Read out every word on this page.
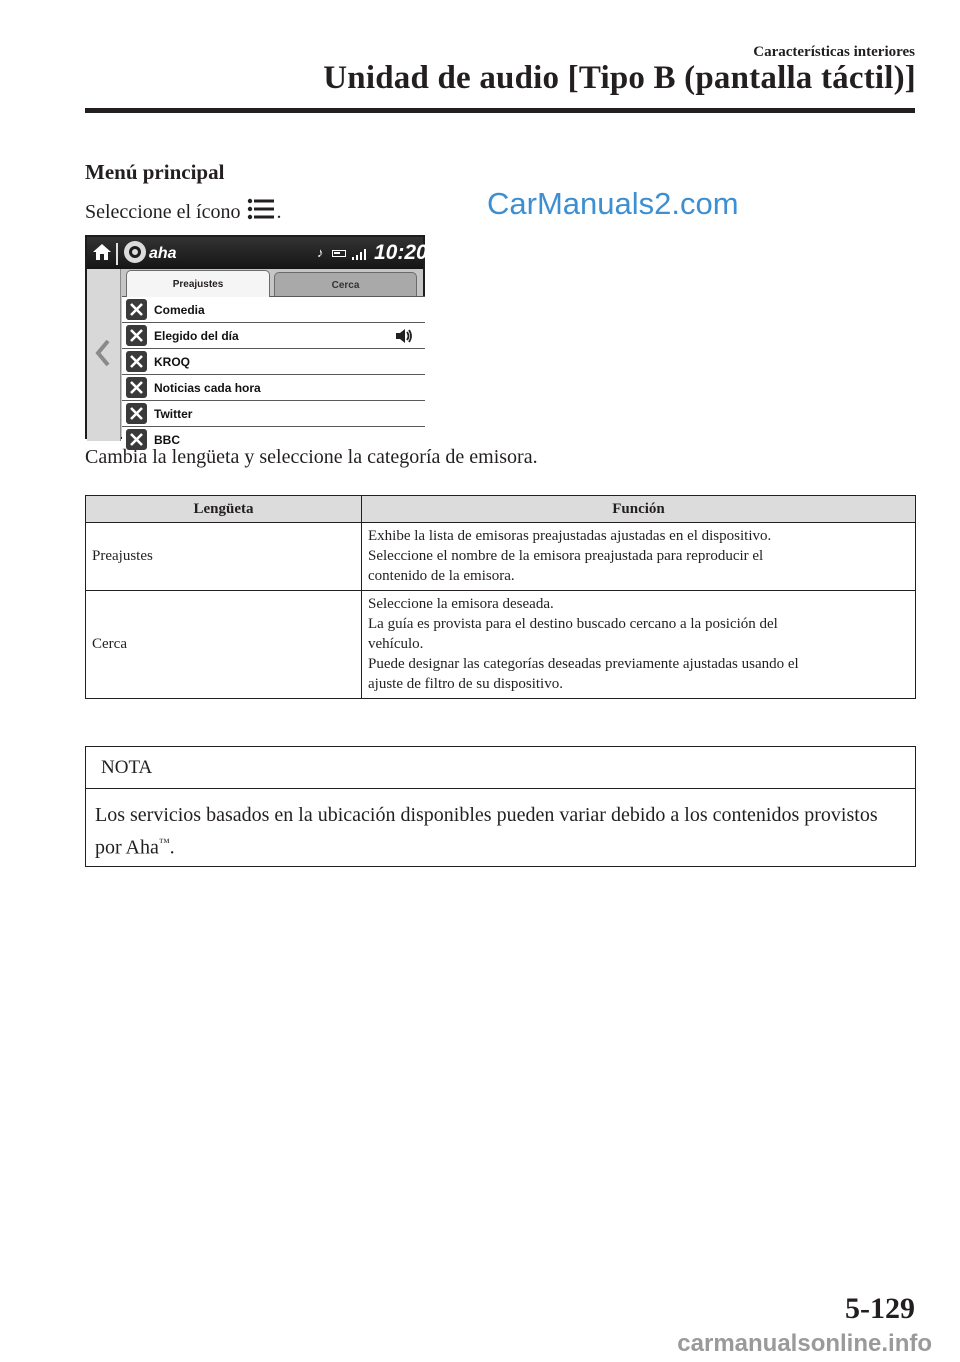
Características interiores
Unidad de audio [Tipo B (pantalla táctil)]
Menú principal
Seleccione el ícono .	CarManuals2.com
aha	♪ 10:20
Preajustes	Cerca
Comedia
Elegido del día
KROQ
Noticias cada hora
Twitter
BBC
Cambia la lengüeta y seleccione la categoría de emisora.
Lengüeta	Función
Preajustes	Exhibe la lista de emisoras preajustadas ajustadas en el dispositivo.
Seleccione el nombre de la emisora preajustada para reproducir el
contenido de la emisora.

Cerca	Seleccione la emisora deseada.
La guía es provista para el destino buscado cercano a la posición del
vehículo.
Puede designar las categorías deseadas previamente ajustadas usando el
ajuste de filtro de su dispositivo.
NOTA
Los servicios basados en la ubicación disponibles pueden variar debido a los contenidos provistos por Aha™.
5-129
carmanualsonline.info
